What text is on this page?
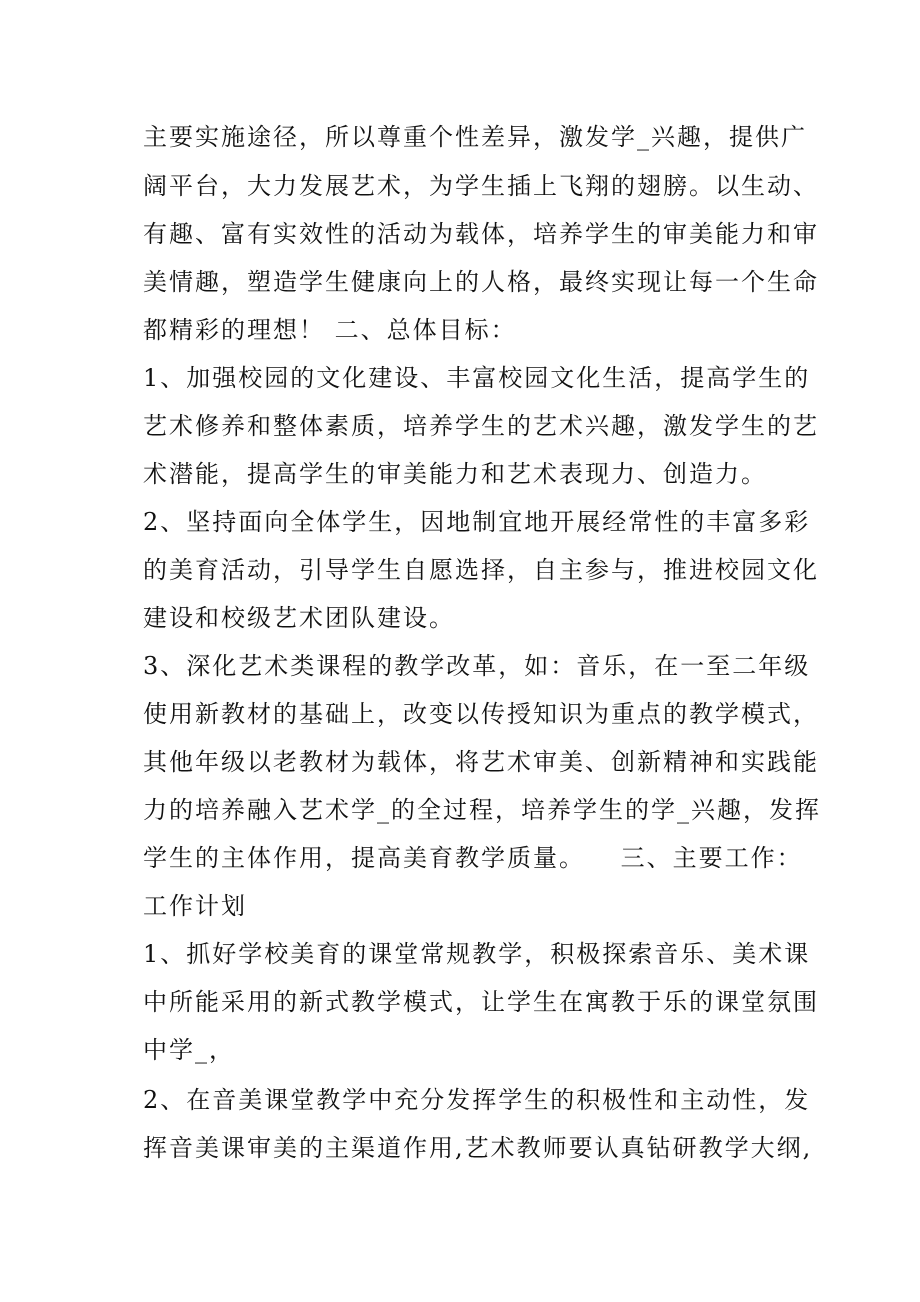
主要实施途径，所以尊重个性差异，激发学_兴趣，提供广
阔平台，大力发展艺术，为学生插上飞翔的翅膀。以生动、
有趣、富有实效性的活动为载体，培养学生的审美能力和审
美情趣，塑造学生健康向上的人格，最终实现让每一个生命
都精彩的理想！ 二、总体目标：
1、加强校园的文化建设、丰富校园文化生活，提高学生的
艺术修养和整体素质，培养学生的艺术兴趣，激发学生的艺
术潜能，提高学生的审美能力和艺术表现力、创造力。
2、坚持面向全体学生，因地制宜地开展经常性的丰富多彩
的美育活动，引导学生自愿选择，自主参与，推进校园文化
建设和校级艺术团队建设。
3、深化艺术类课程的教学改革，如：音乐，在一至二年级
使用新教材的基础上，改变以传授知识为重点的教学模式，
其他年级以老教材为载体，将艺术审美、创新精神和实践能
力的培养融入艺术学_的全过程，培养学生的学_兴趣，发挥
学生的主体作用，提高美育教学质量。 　三、主要工作：
工作计划
1、抓好学校美育的课堂常规教学，积极探索音乐、美术课
中所能采用的新式教学模式，让学生在寓教于乐的课堂氛围
中学_，
2、在音美课堂教学中充分发挥学生的积极性和主动性，发
挥音美课审美的主渠道作用,艺术教师要认真钻研教学大纲,
